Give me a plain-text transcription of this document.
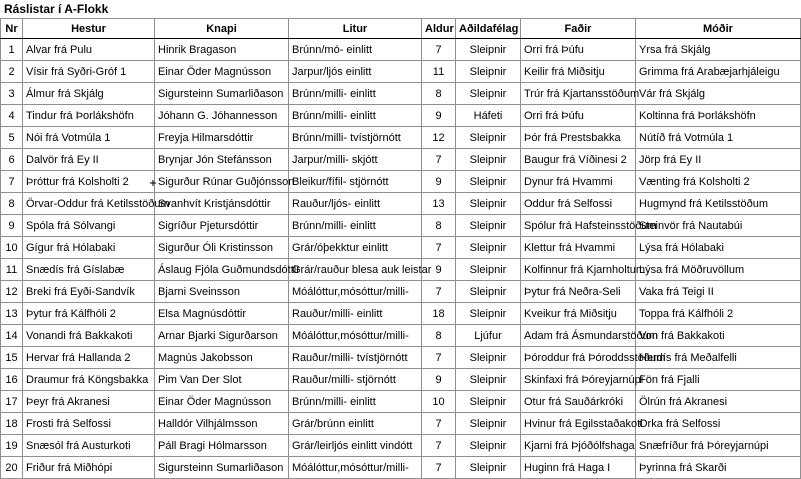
Ráslistar í A-Flokk
Nr	Hestur	Knapi	Litur	Aldur	Aðildafélag	Faðir	Móðir
1	Alvar frá Pulu	Hinrik Bragason	Brúnn/mó- einlitt	7	Sleipnir	Orri frá Þúfu	Yrsa frá Skjálg
2	Vísir frá Syðri-Gróf 1	Einar Öder Magnússon	Jarpur/ljós einlitt	11	Sleipnir	Keilir frá Miðsitju	Grimma frá Arabæjarhjáleigu
3	Álmur frá Skjálg	Sigursteinn Sumarliðason	Brúnn/milli- einlitt	8	Sleipnir	Trúr frá Kjartansstöðum	Vár frá Skjálg
4	Tindur frá Þorlákshöfn	Jóhann G. Jóhannesson	Brúnn/milli- einlitt	9	Háfeti	Orri frá Þúfu	Koltinna frá Þorlákshöfn
5	Nói frá Votmúla 1	Freyja Hilmarsdóttir	Brúnn/milli- tvístjörnótt	12	Sleipnir	Þór frá Prestsbakka	Nútíð frá Votmúla 1
6	Dalvör frá Ey II	Brynjar Jón Stefánsson	Jarpur/milli- skjótt	7	Sleipnir	Baugur frá Víðinesi 2	Jörp frá Ey II
7	Þróttur frá Kolsholti 2	Sigurður Rúnar Guðjónsson	Bleikur/fífil- stjörnótt	9	Sleipnir	Dynur frá Hvammi	Vænting frá Kolsholti 2
8	Örvar-Oddur frá Ketilsstöðum	Svanhvít Kristjánsdóttir	Rauður/ljós- einlitt	13	Sleipnir	Oddur frá Selfossi	Hugmynd frá Ketilsstöðum
9	Spóla frá Sólvangi	Sigríður Pjetursdóttir	Brúnn/milli- einlitt	8	Sleipnir	Spólur frá Hafsteinsstöðum	Steinvör frá Nautabúi
10	Gígur frá Hólabaki	Sigurður Óli Kristinsson	Grár/óþekktur einlitt	7	Sleipnir	Klettur frá Hvammi	Lýsa frá Hólabaki
11	Snædís frá Gíslabæ	Áslaug Fjóla Guðmundsdóttir	Grár/rauður blesa auk leistar	9	Sleipnir	Kolfinnur frá Kjarnholtum	Lýsa frá Möðruvöllum
12	Breki frá Eyði-Sandvík	Bjarni Sveinsson	Móálóttur,mósóttur/milli-	7	Sleipnir	Þytur frá Neðra-Seli	Vaka frá Teigi II
13	Þytur frá Kálfhóli 2	Elsa Magnúsdóttir	Rauður/milli- einlitt	18	Sleipnir	Kveikur frá Miðsitju	Toppa frá Kálfhóli 2
14	Vonandi frá Bakkakoti	Arnar Bjarki Sigurðarson	Móálóttur,mósóttur/milli-	8	Ljúfur	Adam frá Ásmundarstöðum	Von frá Bakkakoti
15	Hervar frá Hallanda 2	Magnús Jakobsson	Rauður/milli- tvístjörnótt	7	Sleipnir	Þóroddur frá Þóroddsstöðum	Herdís frá Meðalfelli
16	Draumur frá Köngsbakka	Pim Van Der Slot	Rauður/milli- stjörnótt	9	Sleipnir	Skinfaxi frá Þóreyjarnúpi	Fön frá Fjalli
17	Þeyr frá Akranesi	Einar Öder Magnússon	Brúnn/milli- einlitt	10	Sleipnir	Otur frá Sauðárkróki	Ölrún frá Akranesi
18	Frosti frá Selfossi	Halldór Vilhjálmsson	Grár/brúnn einlitt	7	Sleipnir	Hvinur frá Egilsstaðakoti	Orka frá Selfossi
19	Snæsól frá Austurkoti	Páll Bragi Hólmarsson	Grár/leirljós einlitt vindótt	7	Sleipnir	Kjarni frá Þjóðólfshaga	Snæfríður frá Þóreyjarnúpi
20	Friður frá Miðhópi	Sigursteinn Sumarliðason	Móálóttur,mósóttur/milli-	7	Sleipnir	Huginn frá Haga I	Þyrinna frá Skarði
